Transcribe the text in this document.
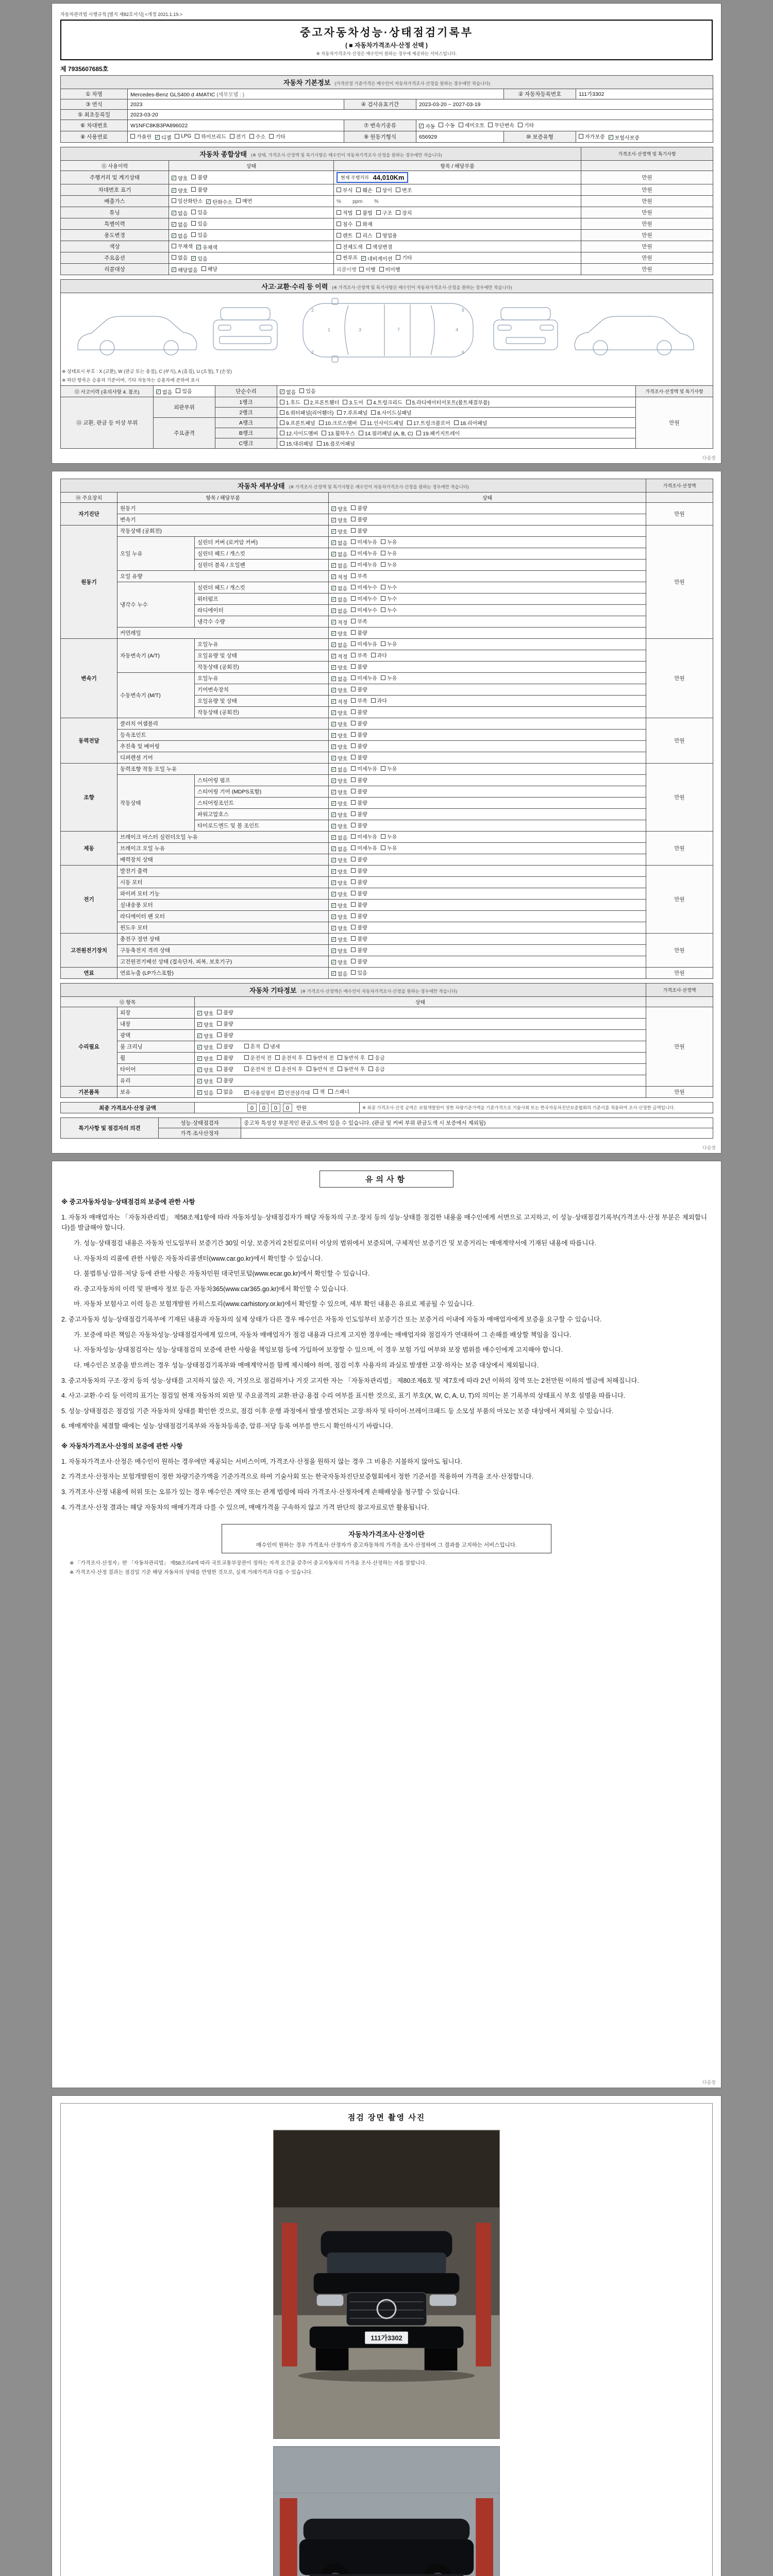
자동차관리법 시행규칙 [별지 제82호서식] <개정 2021.1.19.>
중고자동차성능·상태점검기록부
( ■ 자동차가격조사·산정 선택 )
※ 자동차가격조사·산정은 매수인이 원하는 경우에 제공하는 서비스입니다.
제 7935607685호
자동차 기본정보 (가격산정 기준가격은 매수인이 자동차가격조사·산정을 원하는 경우에만 적습니다)					
① 차명	Mercedes-Benz GLS400 d 4MATIC (세부모델 : )			② 자동차등록번호	111가3302
③ 연식	2023	④ 검사유효기간	2023-03-20 ~ 2027-03-19		
⑤ 최초등록일	2023-03-20				
⑥ 차대번호	W1NFC8KB3PA896022	⑦ 변속기종류	✓ 자동 수동 세미오토 무단변속 기타

⑧ 사용연료	가솔린 ✓ 디젤 LPG 하이브리드 전기 수소 기타	⑨ 원동기형식	656929	⑩ 보증유형	자가보증 ✓ 보험사보증
자동차 종합상태 (※ 상태, 가격조사·산정액 및 특기사항은 매수인이 자동차가격조사·산정을 원하는 경우에만 적습니다)			가격조사·산정액 및 특기사항
⑪ 사용이력	상태	항목 / 해당부품	
주행거리 및 계기상태	✓ 양호 불량	현재 주행거리 44,010Km	만원
차대번호 표기	✓ 양호 불량	부식 훼손 상이 변조	만원
배출가스	일산화탄소 ✓ 탄화수소 매연	%        ppm        %	만원
튜닝	✓ 없음 있음	적법 불법 구조 장치	만원
특별이력	✓ 없음 있음	침수 화재	만원
용도변경	✓ 없음 있음	렌트 리스 영업용	만원
색상	무채색 ✓ 유채색	전체도색 색상변경	만원
주요옵션	없음 ✓ 있음	썬루프 ✓ 네비게이션 기타	만원
리콜대상	✓ 해당없음 해당	리콜이행 이행 미이행	만원
사고·교환·수리 등 이력 (※ 가격조사·산정액 및 특기사항은 매수인이 자동차가격조사·산정을 원하는 경우에만 적습니다)				

1	3	7	4
2
2
6
6
※ 상태표시 부호 : X (교환), W (판금 또는 용접), C (부식), A (흠집), U (요철), T (손상)
※ 하단 항목은 승용차 기준이며, 기타 자동차는 승용차에 준하여 표시

⑫ 사고이력 (유의사항 4. 참조)	✓ 없음 있음	단순수리	✓ 없음 있음	가격조사·산정액 및 특기사항
⑬ 교환, 판금 등 이상 부위	외판부위	1랭크	1.후드 2.프론트휀더 3.도어 4.트렁크리드 5.라디에이터서포트(볼트체결부품)	만원
		2랭크	6.쿼터패널(리어휀더) 7.루프패널 8.사이드실패널	

	주요골격	A랭크	9.프론트패널 10.크로스멤버 11.인사이드패널 17.트렁크플로어 18.리어패널	

		B랭크	12.사이드멤버 13.휠하우스 14.필러패널 (A, B, C) 19.패키지트레이	

		C랭크	15.대쉬패널 16.플로어패널	
다음장
자동차 세부상태 (※ 가격조사·산정액 및 특기사항은 매수인이 자동차가격조사·산정을 원하는 경우에만 적습니다)				가격조사·산정액
⑭ 주요장치	항목 / 해당부품		상태	
자기진단	원동기		✓ 양호 불량	만원
	변속기		✓ 양호 불량	

원동기	작동상태 (공회전)		✓ 양호 불량	만원
	오일 누유	실린더 커버 (로커암 커버)	✓ 없음 미세누유 누유	

		실린더 헤드 / 개스킷	✓ 없음 미세누유 누유	

		실린더 블록 / 오일팬	✓ 없음 미세누유 누유	

	오일 유량		✓ 적정 부족	

	냉각수 누수	실린더 헤드 / 개스킷	✓ 없음 미세누수 누수	

		워터펌프	✓ 없음 미세누수 누수	

		라디에이터	✓ 없음 미세누수 누수	

		냉각수 수량	✓ 적정 부족	

	커먼레일		✓ 양호 불량	

변속기	자동변속기 (A/T)	오일누유	✓ 없음 미세누유 누유	만원
		오일유량 및 상태	✓ 적정 부족 과다	

		작동상태 (공회전)	✓ 양호 불량	

	수동변속기 (M/T)	오일누유	✓ 없음 미세누유 누유	

		기어변속장치	✓ 양호 불량	

		오일유량 및 상태	✓ 적정 부족 과다	

		작동상태 (공회전)	✓ 양호 불량	

동력전달	클러치 어셈블리		✓ 양호 불량	만원
	등속조인트		✓ 양호 불량	

	추진축 및 베어링		✓ 양호 불량	

	디퍼렌셜 기어		✓ 양호 불량	

조향	동력조향 작동 오일 누유		✓ 없음 미세누유 누유	만원
	작동상태	스티어링 펌프	✓ 양호 불량	

		스티어링 기어 (MDPS포함)	✓ 양호 불량	

		스티어링조인트	✓ 양호 불량	

		파워고압호스	✓ 양호 불량	

		타이로드엔드 및 볼 조인트	✓ 양호 불량	

제동	브레이크 마스터 실린더오일 누유		✓ 없음 미세누유 누유	만원
	브레이크 오일 누유		✓ 없음 미세누유 누유	

	배력장치 상태		✓ 양호 불량	

전기	발전기 출력		✓ 양호 불량	만원
	시동 모터		✓ 양호 불량	

	와이퍼 모터 기능		✓ 양호 불량	

	실내송풍 모터		✓ 양호 불량	

	라디에이터 팬 모터		✓ 양호 불량	

	윈도우 모터		✓ 양호 불량	

고전원전기장치	충전구 절연 상태		✓ 양호 불량	만원
	구동축전지 격리 상태		✓ 양호 불량	

	고전원전기배선 상태 (접속단자, 피복, 보호기구)		✓ 양호 불량	

연료	연료누출 (LP가스포함)		✓ 없음 있음	만원
자동차 기타정보 (※ 가격조사·산정액은 매수인이 자동차가격조사·산정을 원하는 경우에만 적습니다)			가격조사·산정액
⑮ 항목		상태	
수리필요	외장	✓ 양호 불량	만원
	내장	✓ 양호 불량	

	광택	✓ 양호 불량	

	룸 크리닝	✓ 양호 불량 흔적 냄새	

휠	✓ 양호 불량	운전석 전 운전석 후 동반석 전 동반석 후 응급

타이어	✓ 양호 불량	운전석 전 운전석 후 동반석 전 동반석 후 응급

	유리	✓ 양호 불량	

기본품목	보유	✓ 있음 없음 ✓ 사용설명서 ✓ 안전삼각대 잭 스패너	만원
최종 가격조사·산정 금액	0 0 0 0 만원	※ 최종 가격조사·산정 금액은 보험개발원이 정한 차량기준가액을 기준가격으로 기술사회 또는 한국자동차진단보증협회의 기준서를 적용하여 조사·산정한 금액입니다.
특기사항 및 점검자의 의견	성능·상태점검자	중고차 특성상 부분적인 판금,도색이 있을 수 있습니다. (판금 및 커버 부위 판금도색 시 보증에서 제외됨)
	가격·조사산정자	
다음장
유의사항
※ 중고자동차성능·상태점검의 보증에 관한 사항
1. 자동차 매매업자는 「자동차관리법」 제58조제1항에 따라 자동차성능·상태점검자가 해당 자동차의 구조·장치 등의 성능·상태를 점검한 내용을 매수인에게 서면으로 고지하고, 이 성능·상태점검기록부(가격조사·산정 부분은 제외합니다)를 발급해야 합니다.
가. 성능·상태점검 내용은 자동차 인도일부터 보증기간 30일 이상, 보증거리 2천킬로미터 이상의 범위에서 보증되며, 구체적인 보증기간 및 보증거리는 매매계약서에 기재된 내용에 따릅니다.
나. 자동차의 리콜에 관한 사항은 자동차리콜센터(www.car.go.kr)에서 확인할 수 있습니다.
다. 불법튜닝·압류·저당 등에 관한 사항은 자동차민원 대국민포털(www.ecar.go.kr)에서 확인할 수 있습니다.
라. 중고자동차의 이력 및 판매자 정보 등은 자동차365(www.car365.go.kr)에서 확인할 수 있습니다.
마. 자동차 보험사고 이력 등은 보험개발원 카히스토리(www.carhistory.or.kr)에서 확인할 수 있으며, 세부 확인 내용은 유료로 제공될 수 있습니다.
2. 중고자동차 성능·상태점검기록부에 기재된 내용과 자동차의 실제 상태가 다른 경우 매수인은 자동차 인도일부터 보증기간 또는 보증거리 이내에 자동차 매매업자에게 보증을 요구할 수 있습니다.
가. 보증에 따른 책임은 자동차성능·상태점검자에게 있으며, 자동차 매매업자가 점검 내용과 다르게 고지한 경우에는 매매업자와 점검자가 연대하여 그 손해를 배상할 책임을 집니다.
나. 자동차성능·상태점검자는 성능·상태점검의 보증에 관한 사항을 책임보험 등에 가입하여 보장할 수 있으며, 이 경우 보험 가입 여부와 보장 범위를 매수인에게 고지해야 합니다.
다. 매수인은 보증을 받으려는 경우 성능·상태점검기록부와 매매계약서를 함께 제시해야 하며, 점검 이후 사용자의 과실로 발생한 고장·하자는 보증 대상에서 제외됩니다.
3. 중고자동차의 구조·장치 등의 성능·상태를 고지하지 않은 자, 거짓으로 점검하거나 거짓 고지한 자는 「자동차관리법」 제80조제6호 및 제7호에 따라 2년 이하의 징역 또는 2천만원 이하의 벌금에 처해집니다.
4. 사고·교환·수리 등 이력의 표기는 점검일 현재 자동차의 외판 및 주요골격의 교환·판금·용접 수리 여부를 표시한 것으로, 표기 부호(X, W, C, A, U, T)의 의미는 본 기록부의 상태표시 부호 설명을 따릅니다.
5. 성능·상태점검은 점검일 기준 자동차의 상태를 확인한 것으로, 점검 이후 운행 과정에서 발생·발견되는 고장·하자 및 타이어·브레이크패드 등 소모성 부품의 마모는 보증 대상에서 제외될 수 있습니다.
6. 매매계약을 체결할 때에는 성능·상태점검기록부와 자동차등록증, 압류·저당 등록 여부를 반드시 확인하시기 바랍니다.
※ 자동차가격조사·산정의 보증에 관한 사항
1. 자동차가격조사·산정은 매수인이 원하는 경우에만 제공되는 서비스이며, 가격조사·산정을 원하지 않는 경우 그 비용은 지불하지 않아도 됩니다.
2. 가격조사·산정자는 보험개발원이 정한 차량기준가액을 기준가격으로 하여 기술사회 또는 한국자동차진단보증협회에서 정한 기준서를 적용하여 가격을 조사·산정합니다.
3. 가격조사·산정 내용에 허위 또는 오류가 있는 경우 매수인은 계약 또는 관계 법령에 따라 가격조사·산정자에게 손해배상을 청구할 수 있습니다.
4. 가격조사·산정 결과는 해당 자동차의 매매가격과 다를 수 있으며, 매매가격을 구속하지 않고 가격 판단의 참고자료로만 활용됩니다.
자동차가격조사·산정이란
매수인이 원하는 경우 가격조사·산정자가 중고자동차의 가격을 조사·산정하여 그 결과를 고지하는 서비스입니다.
※ 「가격조사·산정자」란 「자동차관리법」 제58조의4에 따라 국토교통부장관이 정하는 자격 요건을 갖추어 중고자동차의 가격을 조사·산정하는 자를 말합니다.
※ 가격조사·산정 결과는 점검일 기준 해당 자동차의 상태를 반영한 것으로, 실제 거래가격과 다를 수 있습니다.
다음장
점검 장면 촬영 사진
111가3302
